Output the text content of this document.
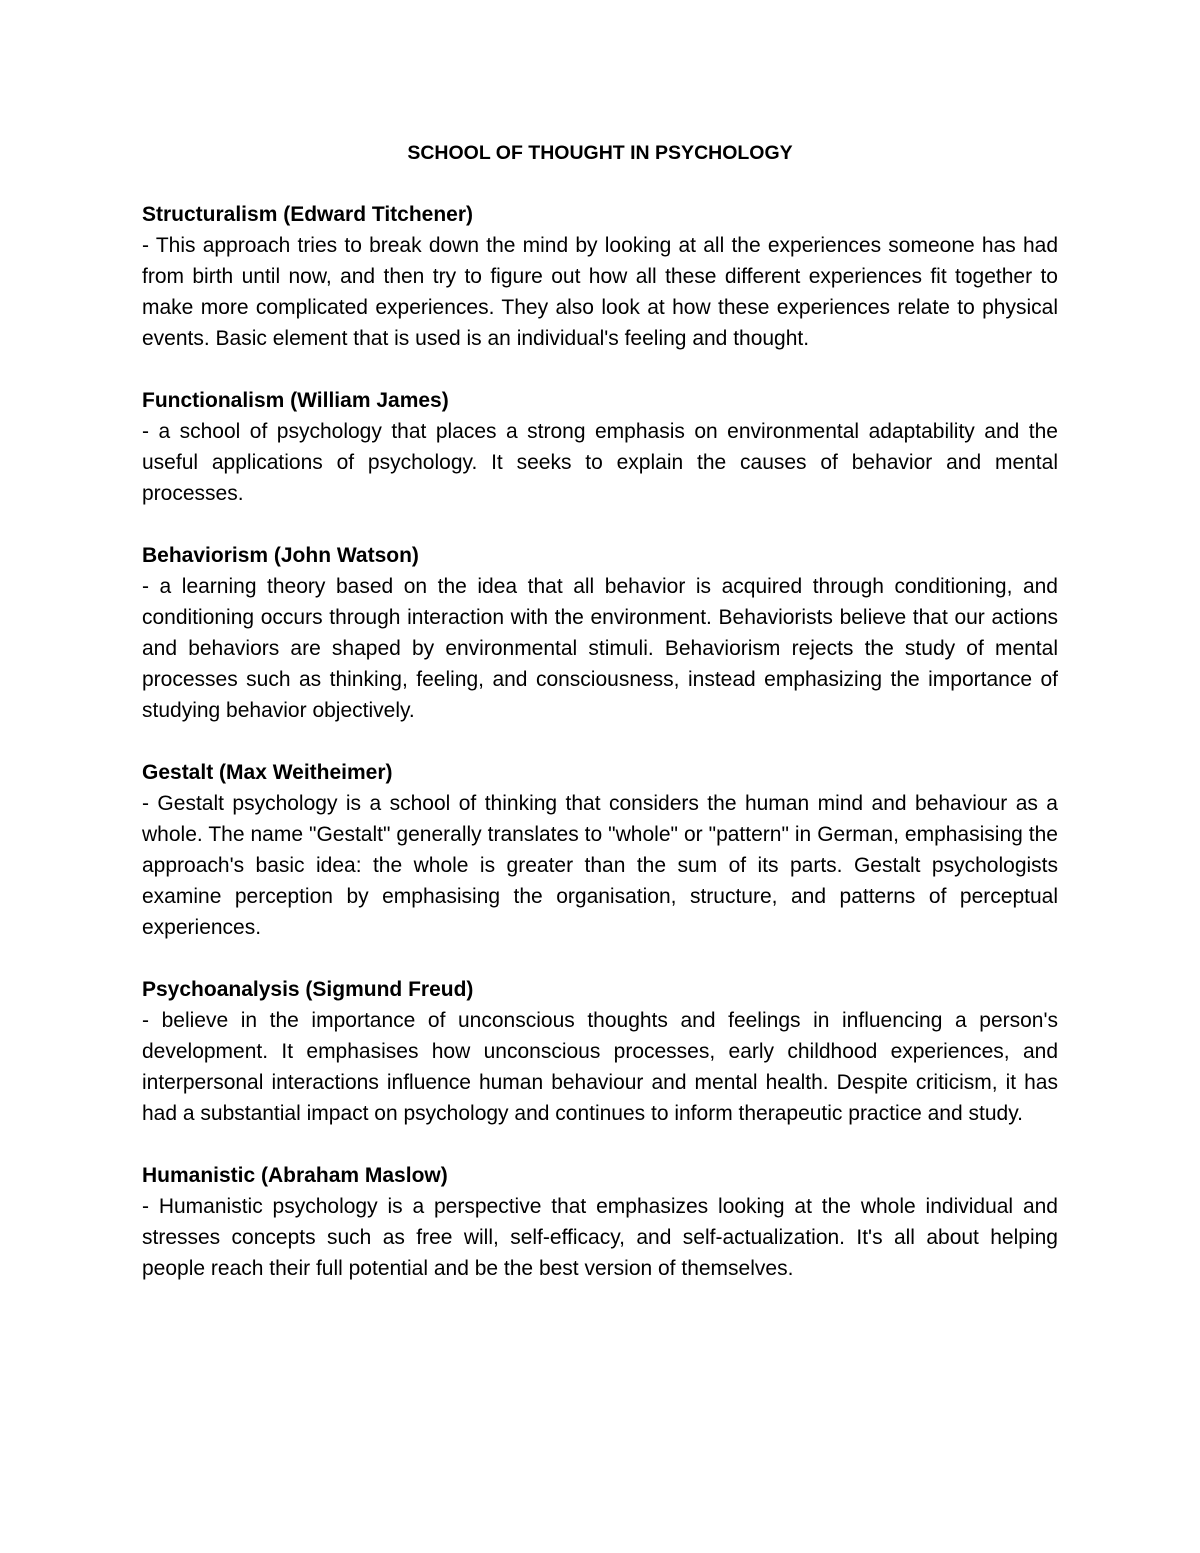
SCHOOL OF THOUGHT IN PSYCHOLOGY
Structuralism (Edward Titchener)
- This approach tries to break down the mind by looking at all the experiences someone has had from birth until now, and then try to figure out how all these different experiences fit together to make more complicated experiences. They also look at how these experiences relate to physical events. Basic element that is used is an individual's feeling and thought.
Functionalism (William James)
- a school of psychology that places a strong emphasis on environmental adaptability and the useful applications of psychology. It seeks to explain the causes of behavior and mental processes.
Behaviorism (John Watson)
- a learning theory based on the idea that all behavior is acquired through conditioning, and conditioning occurs through interaction with the environment. Behaviorists believe that our actions and behaviors are shaped by environmental stimuli. Behaviorism rejects the study of mental processes such as thinking, feeling, and consciousness, instead emphasizing the importance of studying behavior objectively.
Gestalt (Max Weitheimer)
- Gestalt psychology is a school of thinking that considers the human mind and behaviour as a whole. The name "Gestalt" generally translates to "whole" or "pattern" in German, emphasising the approach's basic idea: the whole is greater than the sum of its parts. Gestalt psychologists examine perception by emphasising the organisation, structure, and patterns of perceptual experiences.
Psychoanalysis (Sigmund Freud)
- believe in the importance of unconscious thoughts and feelings in influencing a person's development. It emphasises how unconscious processes, early childhood experiences, and interpersonal interactions influence human behaviour and mental health. Despite criticism, it has had a substantial impact on psychology and continues to inform therapeutic practice and study.
Humanistic (Abraham Maslow)
- Humanistic psychology is a perspective that emphasizes looking at the whole individual and stresses concepts such as free will, self-efficacy, and self-actualization. It's all about helping people reach their full potential and be the best version of themselves.
